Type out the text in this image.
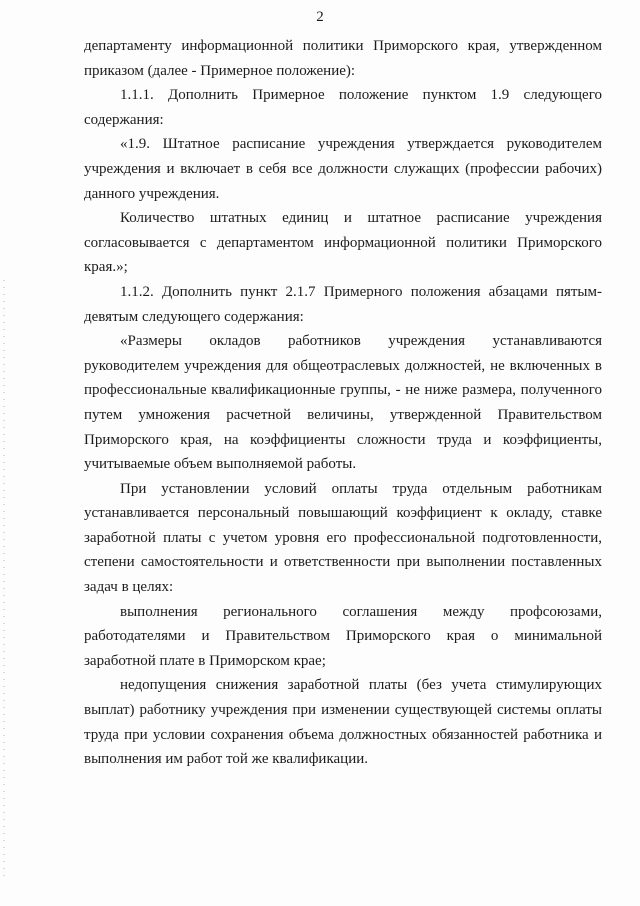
2

департаменту информационной политики Приморского края, утвержденном приказом (далее - Примерное положение):

1.1.1. Дополнить Примерное положение пунктом 1.9 следующего содержания:

«1.9. Штатное расписание учреждения утверждается руководителем учреждения и включает в себя все должности служащих (профессии рабочих) данного учреждения.

Количество штатных единиц и штатное расписание учреждения согласовывается с департаментом информационной политики Приморского края.»;

1.1.2. Дополнить пункт 2.1.7 Примерного положения абзацами пятым-девятым следующего содержания:

«Размеры окладов работников учреждения устанавливаются руководителем учреждения для общеотраслевых должностей, не включенных в профессиональные квалификационные группы, - не ниже размера, полученного путем умножения расчетной величины, утвержденной Правительством Приморского края, на коэффициенты сложности труда и коэффициенты, учитываемые объем выполняемой работы.

При установлении условий оплаты труда отдельным работникам устанавливается персональный повышающий коэффициент к окладу, ставке заработной платы с учетом уровня его профессиональной подготовленности, степени самостоятельности и ответственности при выполнении поставленных задач в целях:

выполнения регионального соглашения между профсоюзами, работодателями и Правительством Приморского края о минимальной заработной плате в Приморском крае;

недопущения снижения заработной платы (без учета стимулирующих выплат) работнику учреждения при изменении существующей системы оплаты труда при условии сохранения объема должностных обязанностей работника и выполнения им работ той же квалификации.
